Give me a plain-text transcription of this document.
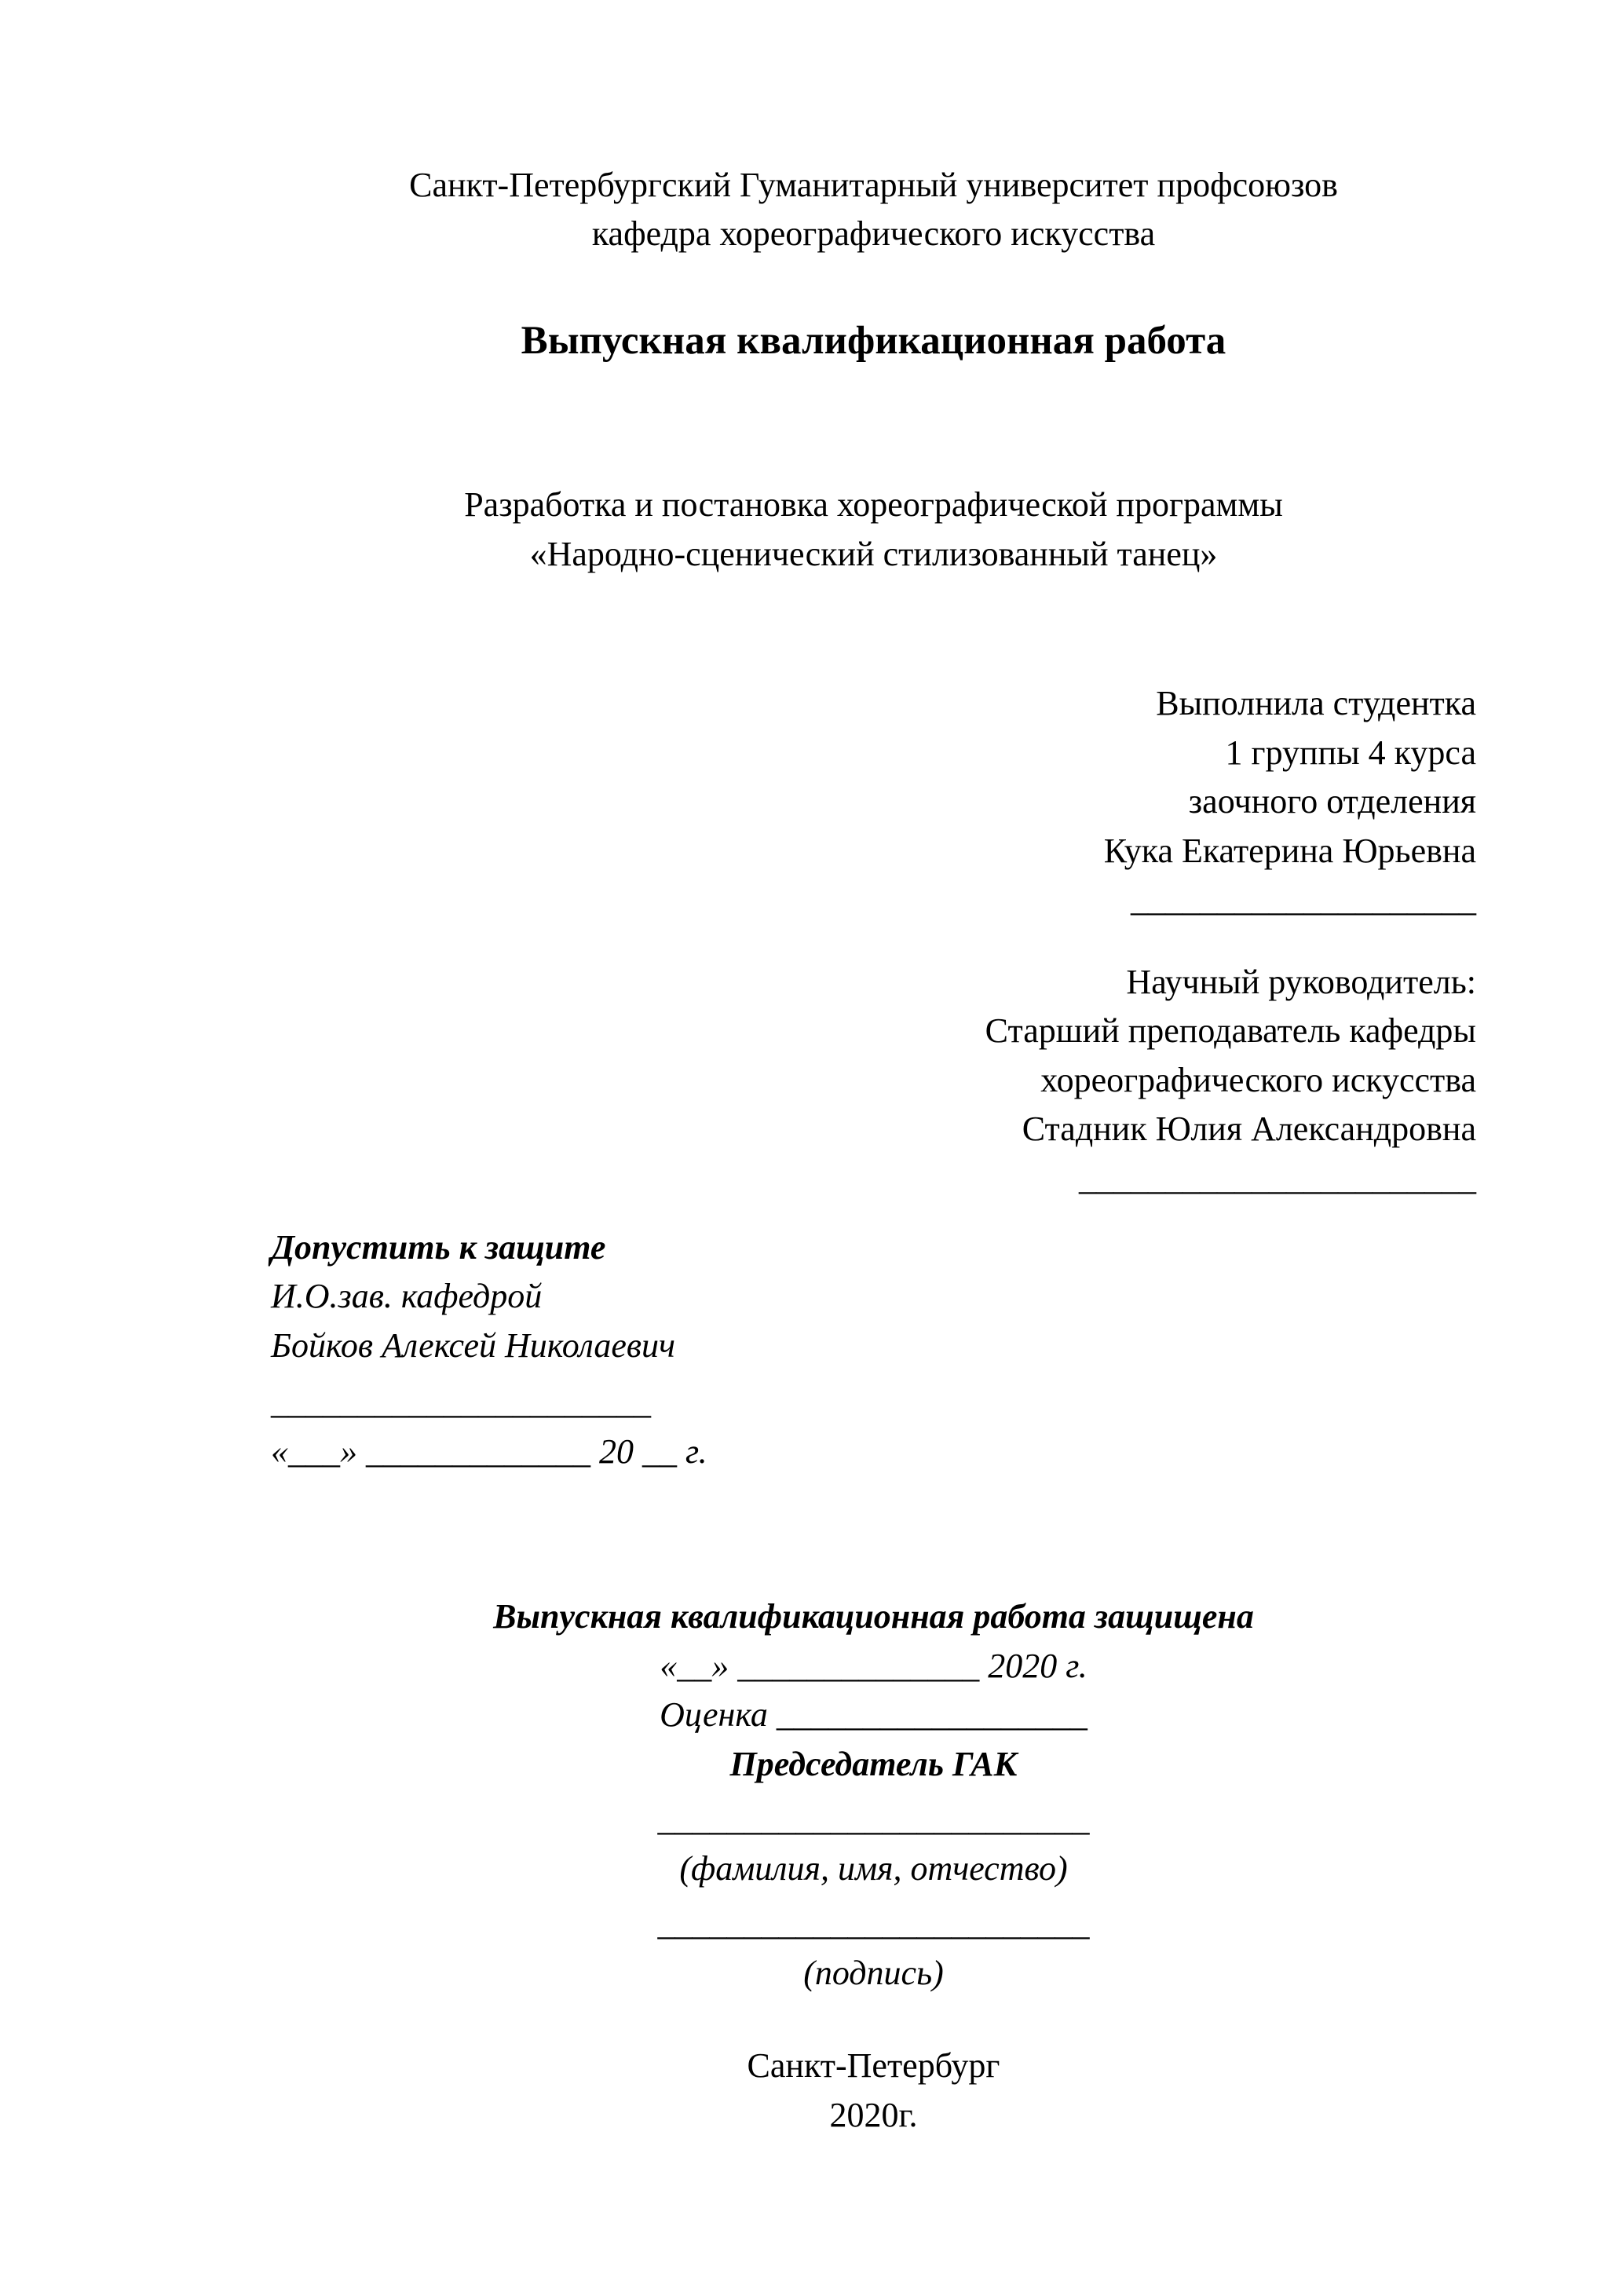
Санкт-Петербургский Гуманитарный университет профсоюзов
кафедра хореографического искусства
Выпускная квалификационная работа
Разработка и постановка хореографической программы
«Народно-сценический стилизованный танец»
Выполнила студентка
1 группы 4 курса
заочного отделения
Кука Екатерина Юрьевна
____________________
Научный руководитель:
Старший преподаватель кафедры
хореографического искусства
Стадник Юлия Александровна
_______________________
Допустить к защите
И.О.зав. кафедрой
Бойков Алексей Николаевич
______________________
«___» _____________ 20 __ г.
Выпускная квалификационная работа защищена
«__» ______________ 2020 г.
Оценка __________________
Председатель ГАК
_________________________
(фамилия, имя, отчество)
_________________________
(подпись)
Санкт-Петербург
2020г.
